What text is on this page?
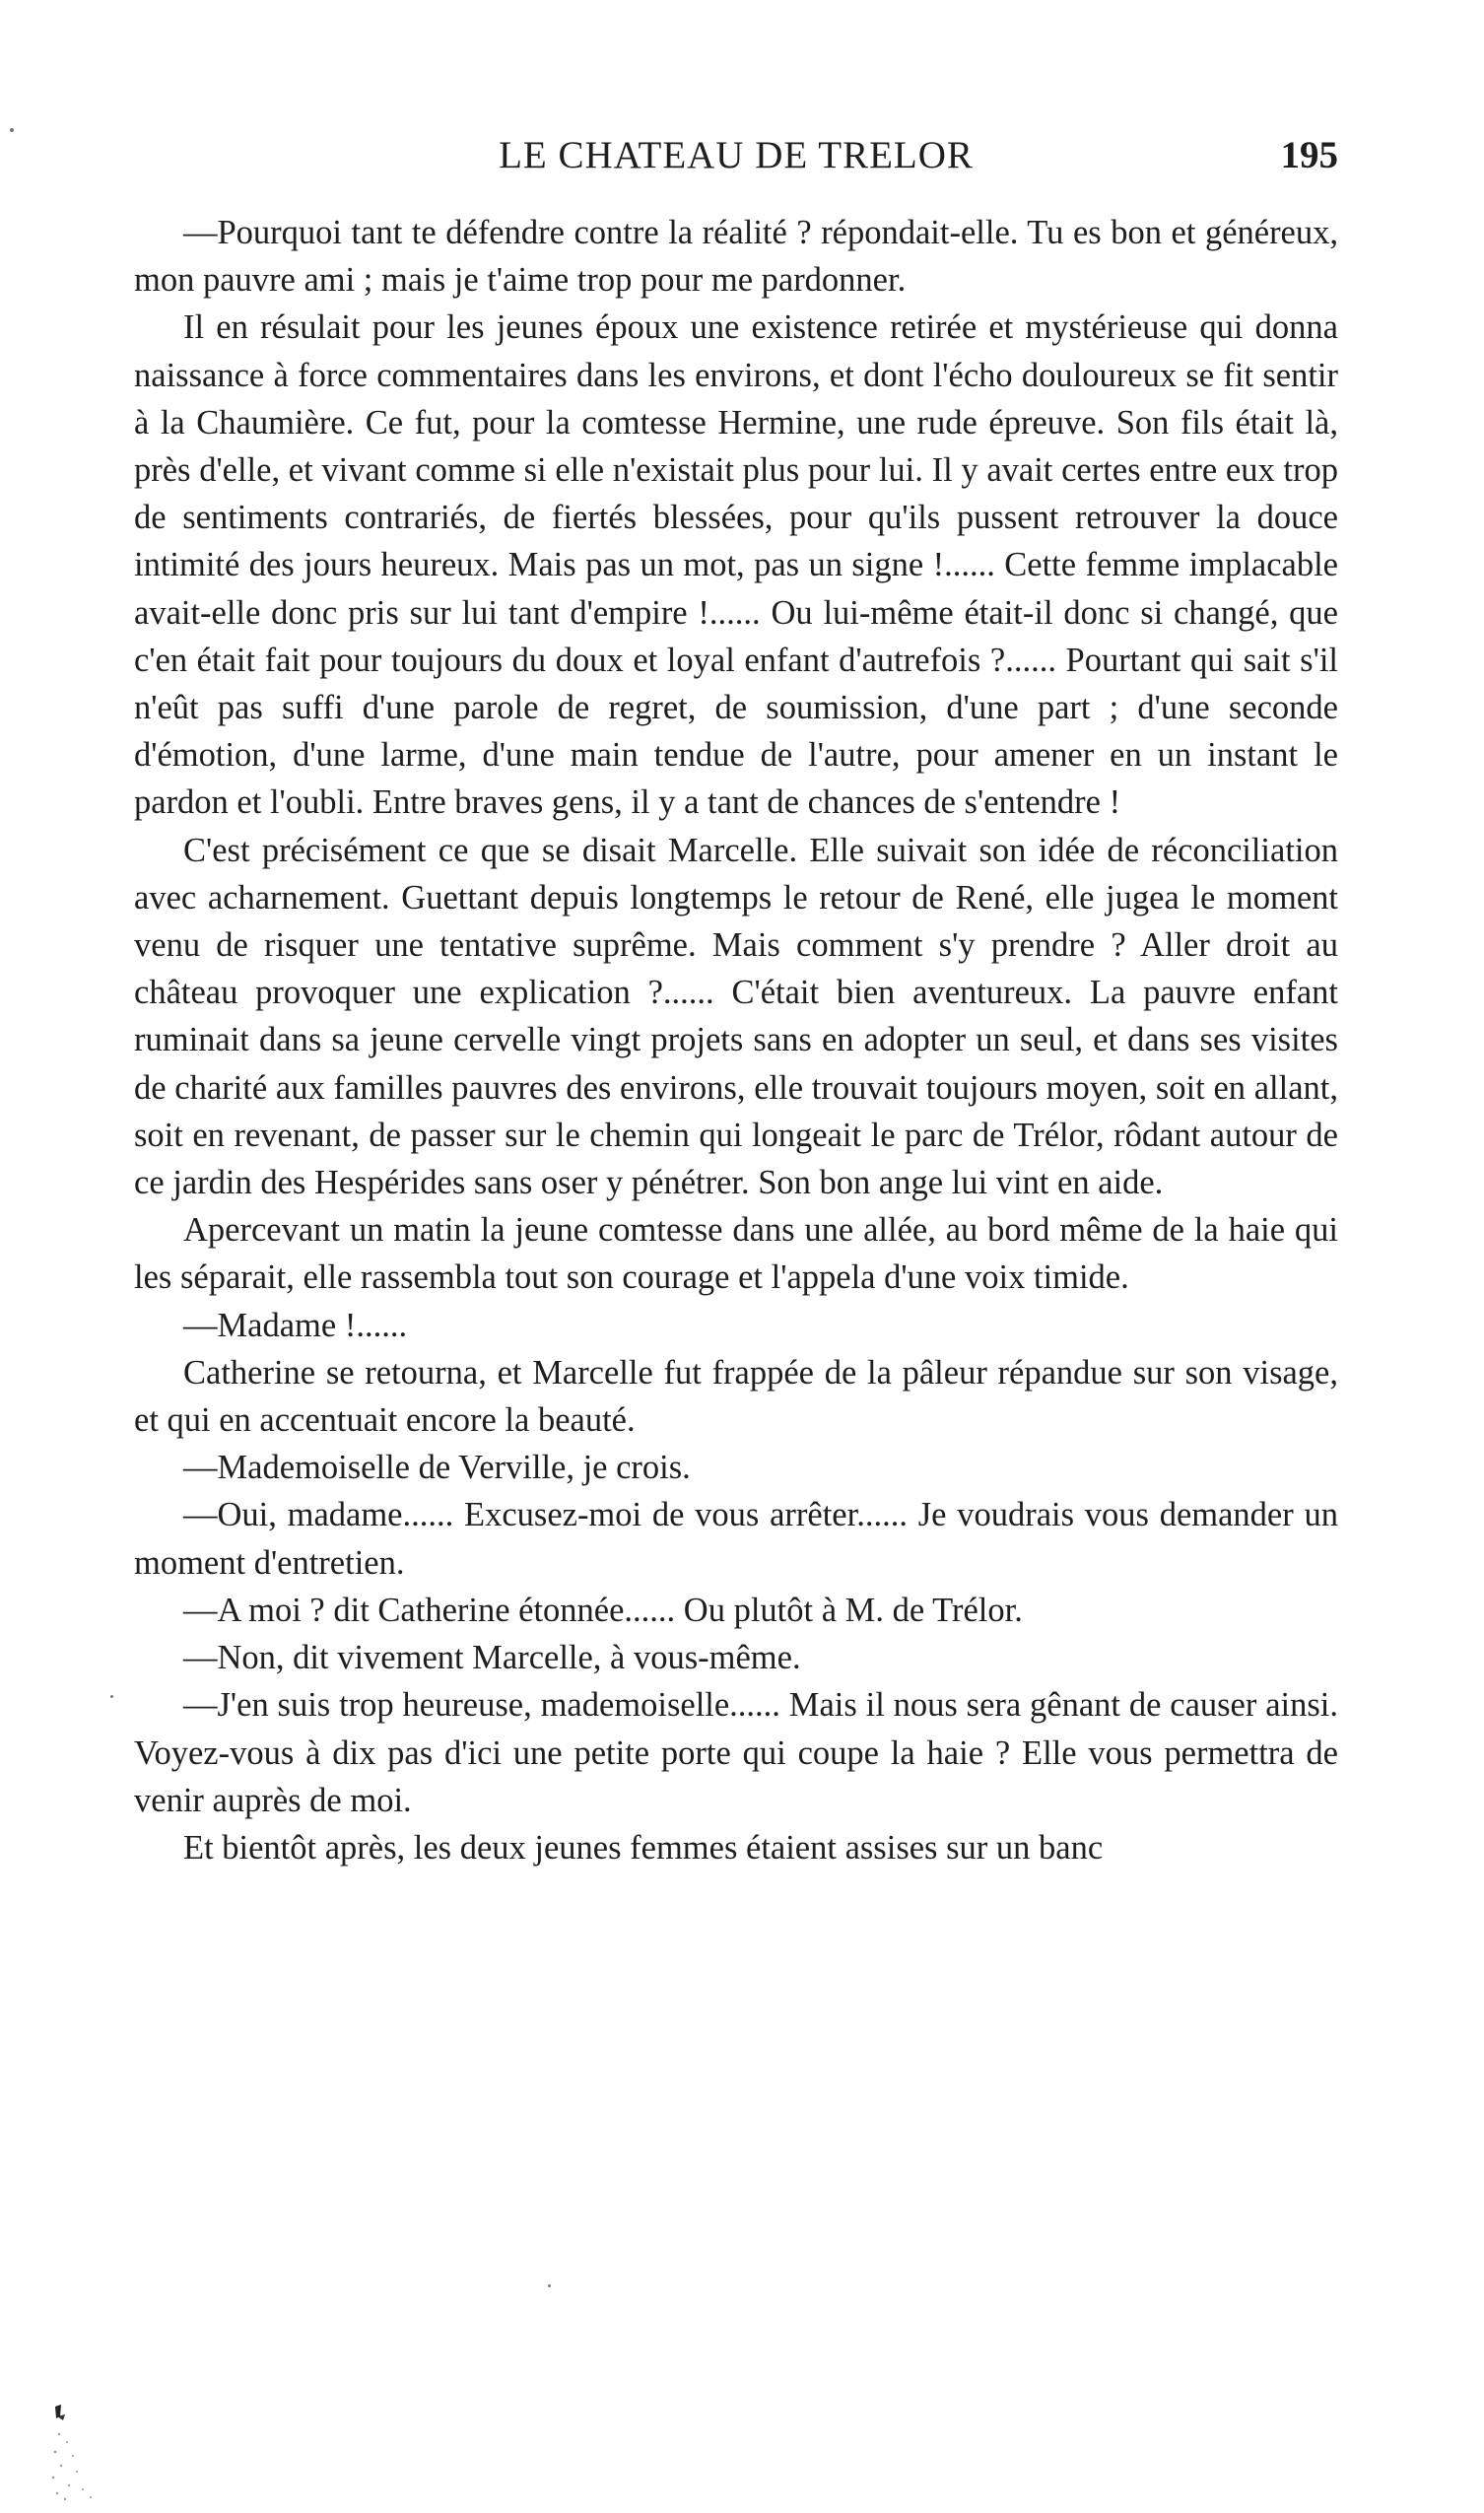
LE CHATEAU DE TRELOR	195

—Pourquoi tant te défendre contre la réalité ? répondait-elle. Tu es bon et généreux, mon pauvre ami ; mais je t'aime trop pour me pardonner.

Il en résulait pour les jeunes époux une existence retirée et mystérieuse qui donna naissance à force commentaires dans les environs, et dont l'écho douloureux se fit sentir à la Chaumière. Ce fut, pour la comtesse Hermine, une rude épreuve. Son fils était là, près d'elle, et vivant comme si elle n'existait plus pour lui. Il y avait certes entre eux trop de sentiments contrariés, de fiertés blessées, pour qu'ils pussent retrouver la douce intimité des jours heureux. Mais pas un mot, pas un signe !...... Cette femme implacable avait-elle donc pris sur lui tant d'empire !...... Ou lui-même était-il donc si changé, que c'en était fait pour toujours du doux et loyal enfant d'autrefois ?...... Pourtant qui sait s'il n'eût pas suffi d'une parole de regret, de soumission, d'une part ; d'une seconde d'émotion, d'une larme, d'une main tendue de l'autre, pour amener en un instant le pardon et l'oubli. Entre braves gens, il y a tant de chances de s'entendre !

C'est précisément ce que se disait Marcelle. Elle suivait son idée de réconciliation avec acharnement. Guettant depuis longtemps le retour de René, elle jugea le moment venu de risquer une tentative suprême. Mais comment s'y prendre ? Aller droit au château provoquer une explication ?...... C'était bien aventureux. La pauvre enfant ruminait dans sa jeune cervelle vingt projets sans en adopter un seul, et dans ses visites de charité aux familles pauvres des environs, elle trouvait toujours moyen, soit en allant, soit en revenant, de passer sur le chemin qui longeait le parc de Trélor, rôdant autour de ce jardin des Hespérides sans oser y pénétrer. Son bon ange lui vint en aide.

Apercevant un matin la jeune comtesse dans une allée, au bord même de la haie qui les séparait, elle rassembla tout son courage et l'appela d'une voix timide.

—Madame !......

Catherine se retourna, et Marcelle fut frappée de la pâleur répandue sur son visage, et qui en accentuait encore la beauté.

—Mademoiselle de Verville, je crois.

—Oui, madame...... Excusez-moi de vous arrêter...... Je voudrais vous demander un moment d'entretien.

—A moi ? dit Catherine étonnée...... Ou plutôt à M. de Trélor.

—Non, dit vivement Marcelle, à vous-même.

—J'en suis trop heureuse, mademoiselle...... Mais il nous sera gênant de causer ainsi. Voyez-vous à dix pas d'ici une petite porte qui coupe la haie ? Elle vous permettra de venir auprès de moi.

Et bientôt après, les deux jeunes femmes étaient assises sur un banc
